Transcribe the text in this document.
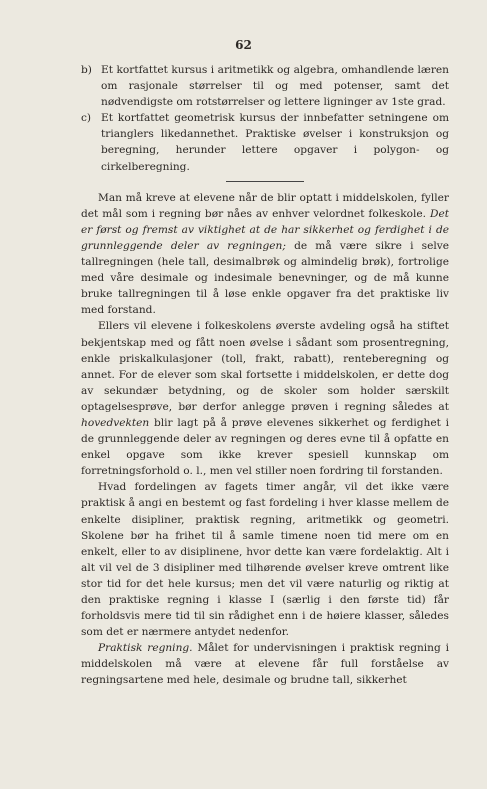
62
b) Et kortfattet kursus i aritmetikk og algebra, omhandlende læren om rasjonale størrelser til og med potenser, samt det nødvendigste om rotstørrelser og lettere ligninger av 1ste grad.
c) Et kortfattet geometrisk kursus der innbefatter setningene om trianglers likedannethet. Praktiske øvelser i konstruksjon og beregning, herunder lettere opgaver i polygon- og cirkelberegning.
Man må kreve at elevene når de blir optatt i middelskolen, fyller det mål som i regning bør nåes av enhver velordnet folkeskole. Det er først og fremst av viktighet at de har sikkerhet og ferdighet i de grunnleggende deler av regningen; de må være sikre i selve tallregningen (hele tall, desimalbrøk og almindelig brøk), fortrolige med våre desimale og indesimale benevninger, og de må kunne bruke tallregningen til å løse enkle opgaver fra det praktiske liv med forstand.
Ellers vil elevene i folkeskolens øverste avdeling også ha stiftet bekjentskap med og fått noen øvelse i sådant som prosentregning, enkle priskalkulasjoner (toll, frakt, rabatt), renteberegning og annet. For de elever som skal fortsette i middelskolen, er dette dog av sekundær betydning, og de skoler som holder særskilt optagelsesprøve, bør derfor anlegge prøven i regning således at hovedvekten blir lagt på å prøve elevenes sikkerhet og ferdighet i de grunnleggende deler av regningen og deres evne til å opfatte en enkel opgave som ikke krever spesiell kunnskap om forretningsforhold o. l., men vel stiller noen fordring til forstanden.
Hvad fordelingen av fagets timer angår, vil det ikke være praktisk å angi en bestemt og fast fordeling i hver klasse mellem de enkelte disipliner, praktisk regning, aritmetikk og geometri. Skolene bør ha frihet til å samle timene noen tid mere om en enkelt, eller to av disiplinene, hvor dette kan være fordelaktig. Alt i alt vil vel de 3 disipliner med tilhørende øvelser kreve omtrent like stor tid for det hele kursus; men det vil være naturlig og riktig at den praktiske regning i klasse I (særlig i den første tid) får forholdsvis mere tid til sin rådighet enn i de høiere klasser, således som det er nærmere antydet nedenfor.
Praktisk regning. Målet for undervisningen i praktisk regning i middelskolen må være at elevene får full forståelse av regningsartene med hele, desimale og brudne tall, sikkerhet
